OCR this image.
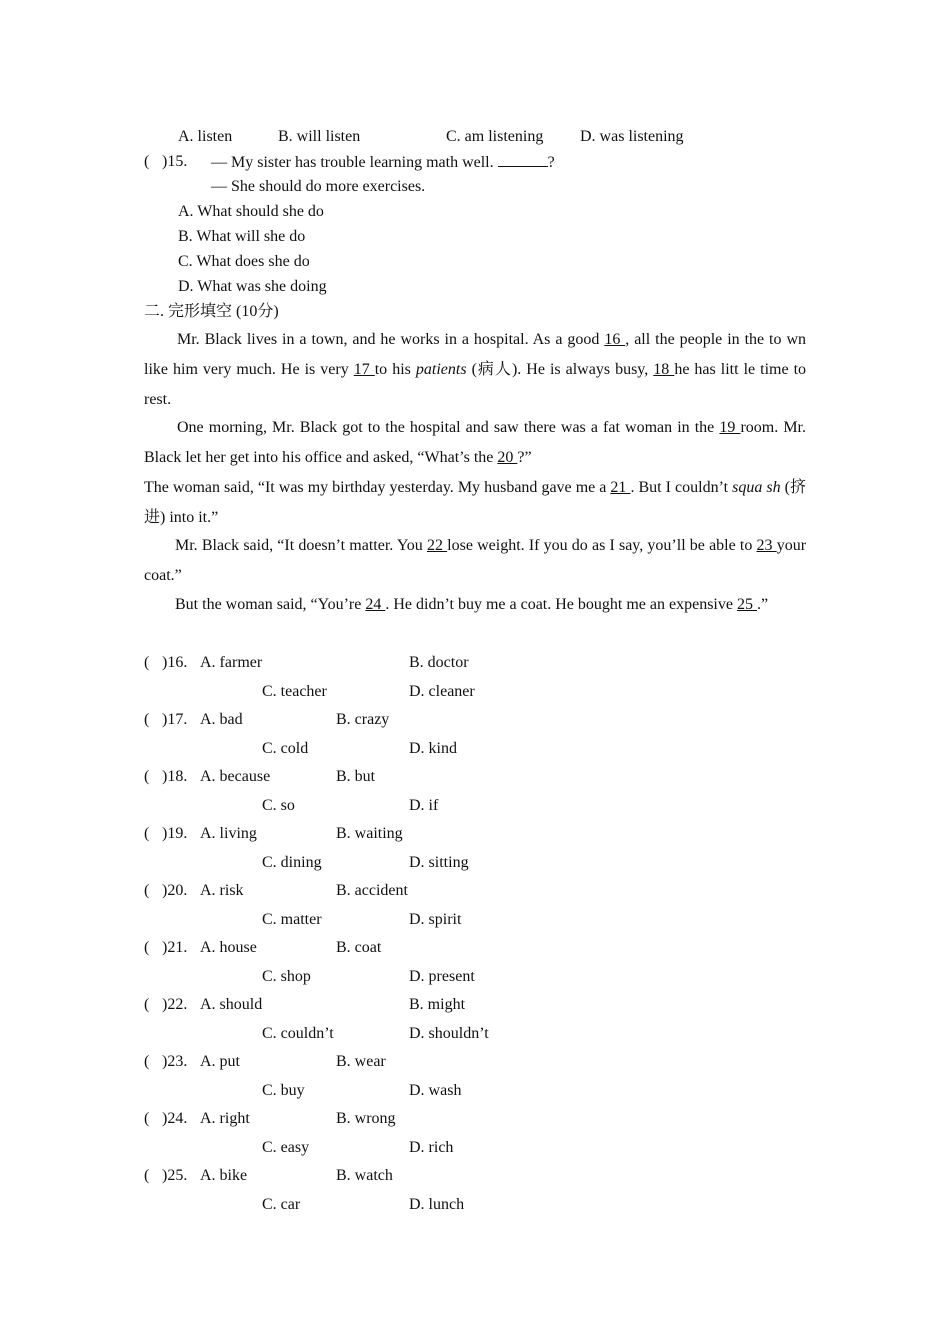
A. listen	B. will listen	C. am listening D. was listening
( )15. — My sister has trouble learning math well.	?
— She should do more exercises.
A. What should she do
B. What will she do
C. What does she do
D. What was she doing
二. 完形填空 (10分)
Mr. Black lives in a town, and he works in a hospital. As a good 16 , all the people in the to wn like him very much. He is very 17 to his patients (病人). He is always busy, 18 he has litt le time to rest.
One morning, Mr. Black got to the hospital and saw there was a fat woman in the 19 room. Mr. Black let her get into his office and asked, “What’s the 20 ?”
The woman said, “It was my birthday yesterday. My husband gave me a 21 . But I couldn’t squa sh (挤进) into it.”
Mr. Black said, “It doesn’t matter. You 22 lose weight. If you do as I say, you’ll be able to 23 your coat.”
But the woman said, “You’re 24 . He didn’t buy me a coat. He bought me an expensive 25 .”
( )16. A. farmer	B. doctor
C. teacher	D. cleaner
( )17. A. bad	B. crazy
C. cold	D. kind
( )18. A. because	B. but
C. so	D. if
( )19. A. living	B. waiting
C. dining	D. sitting
( )20. A. risk	B. accident
C. matter	D. spirit
( )21. A. house	B. coat
C. shop	D. present
( )22. A. should	B. might
C. couldn’t	D. shouldn’t
( )23. A. put	B. wear
C. buy	D. wash
( )24. A. right	B. wrong
C. easy	D. rich
( )25. A. bike	B. watch
C. car	D. lunch
